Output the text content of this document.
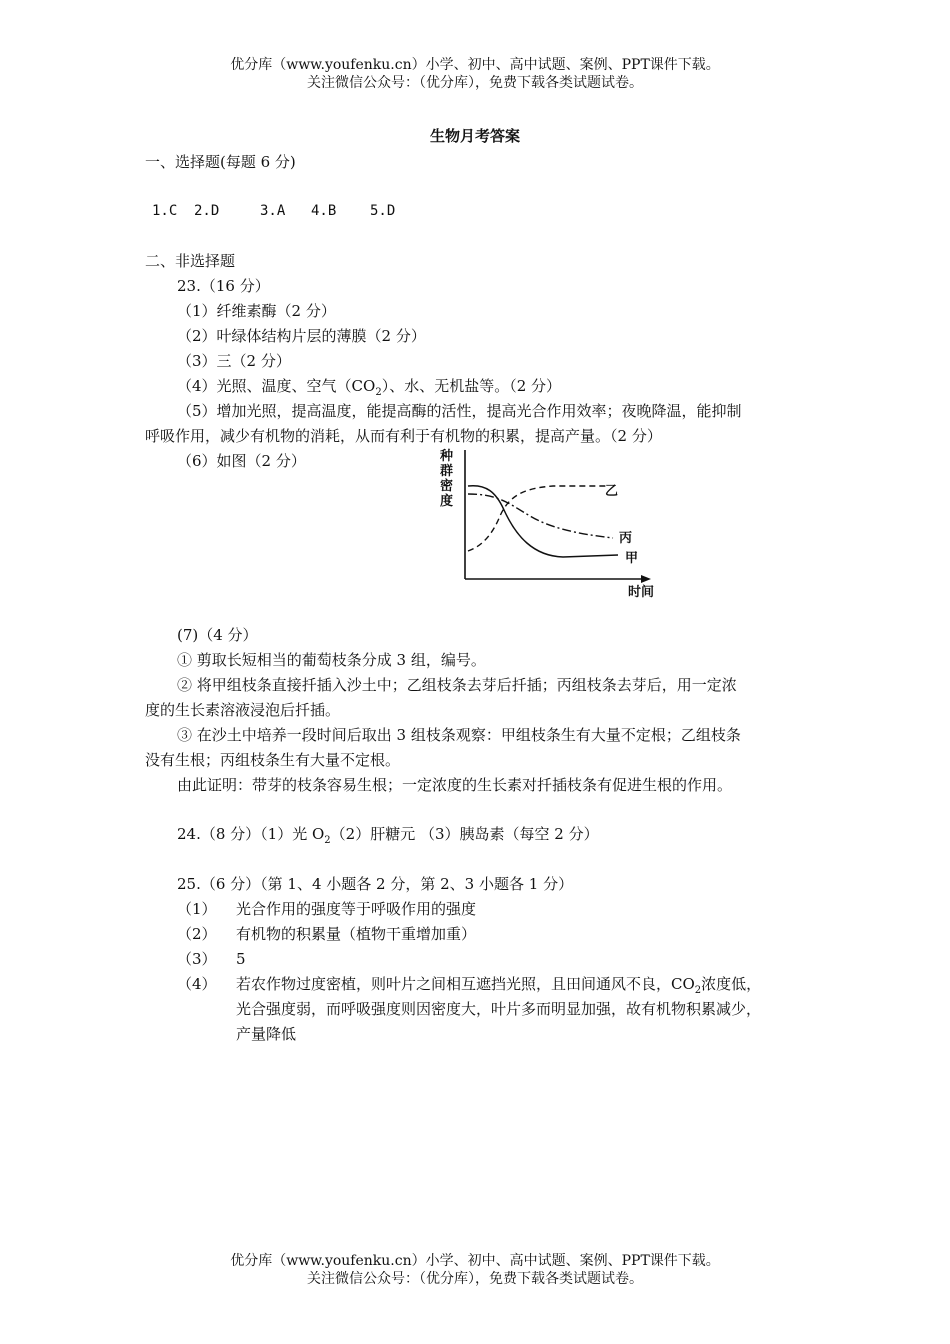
优分库（www.youfenku.cn）小学、初中、高中试题、案例、PPT课件下载。
关注微信公众号：（优分库），免费下载各类试题试卷。
生物月考答案
一、选择题(每题 6 分)
1.C 2.D	3.A 4.B 5.D
二、非选择题
23.（16 分）
（1）纤维素酶（2 分）
（2）叶绿体结构片层的薄膜（2 分）
（3）三（2 分）
（4）光照、温度、空气$(CO_2)$、水、无机盐等。（2 分）
（5）增加光照，提高温度，能提高酶的活性，提高光合作用效率；夜晚降温，能抑制
呼吸作用，减少有机物的消耗，从而有利于有机物的积累，提高产量。（2 分）
（6）如图（2 分）	种
群
密
度
乙
丙
甲
时间
(7)（4 分）
① 剪取长短相当的葡萄枝条分成 3 组，编号。
② 将甲组枝条直接扦插入沙土中；乙组枝条去芽后扦插；丙组枝条去芽后，用一定浓
度的生长素溶液浸泡后扦插。
③ 在沙土中培养一段时间后取出 3 组枝条观察：甲组枝条生有大量不定根；乙组枝条
没有生根；丙组枝条生有大量不定根。
由此证明：带芽的枝条容易生根；一定浓度的生长素对扦插枝条有促进生根的作用。
24.（8 分）（1）光 $O_2(2)$肝糖元 （3）胰岛素（每空 2 分）
25.（6 分）（第 1、4 小题各 2 分，第 2、3 小题各 1 分）
（1） 光合作用的强度等于呼吸作用的强度
（2） 有机物的积累量（植物干重增加重）
（3） 5
（4） 若农作物过度密植，则叶片之间相互遮挡光照，且田间通风不良，$CO_2$浓度低，
光合强度弱，而呼吸强度则因密度大，叶片多而明显加强，故有机物积累减少，
产量降低
优分库（www.youfenku.cn）小学、初中、高中试题、案例、PPT课件下载。
关注微信公众号：（优分库），免费下载各类试题试卷。
